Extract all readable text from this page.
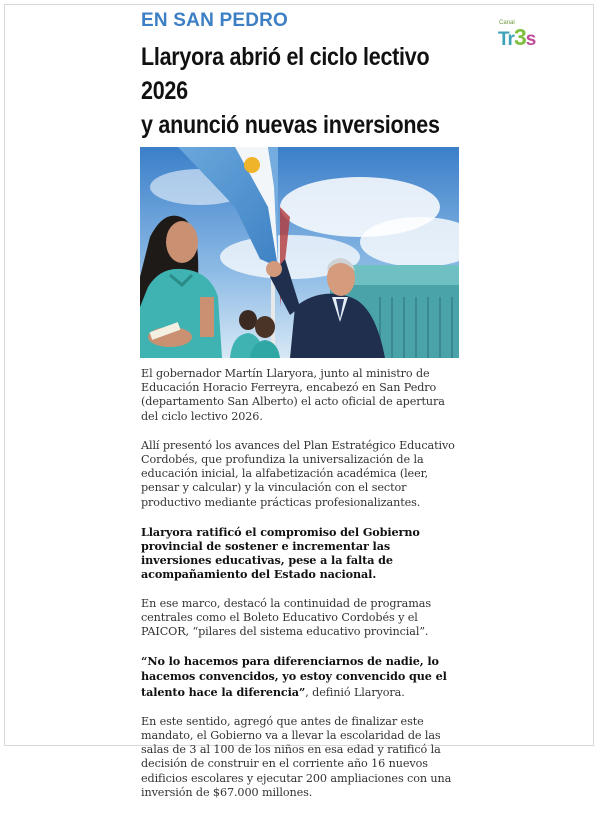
EN SAN PEDRO	Canal
Tr3s
Llaryora abrió el ciclo lectivo 2026
y anunció nuevas inversiones

El gobernador Martín Llaryora, junto al ministro de Educación Horacio Ferreyra, encabezó en San Pedro (departamento San Alberto) el acto oficial de apertura del ciclo lectivo 2026.

Allí presentó los avances del Plan Estratégico Educativo Cordobés, que profundiza la universalización de la educación inicial, la alfabetización académica (leer, pensar y calcular) y la vinculación con el sector productivo mediante prácticas profesionalizantes.

Llaryora ratificó el compromiso del Gobierno provincial de sostener e incrementar las inversiones educativas, pese a la falta de acompañamiento del Estado nacional.

En ese marco, destacó la continuidad de programas centrales como el Boleto Educativo Cordobés y el PAICOR, “pilares del sistema educativo provincial”.

“No lo hacemos para diferenciarnos de nadie, lo hacemos convencidos, yo estoy convencido que el talento hace la diferencia”, definió Llaryora.

En este sentido, agregó que antes de finalizar este mandato, el Gobierno va a llevar la escolaridad de las salas de 3 al 100 de los niños en esa edad y ratificó la decisión de construir en el corriente año 16 nuevos edificios escolares y ejecutar 200 ampliaciones con una inversión de $67.000 millones.
